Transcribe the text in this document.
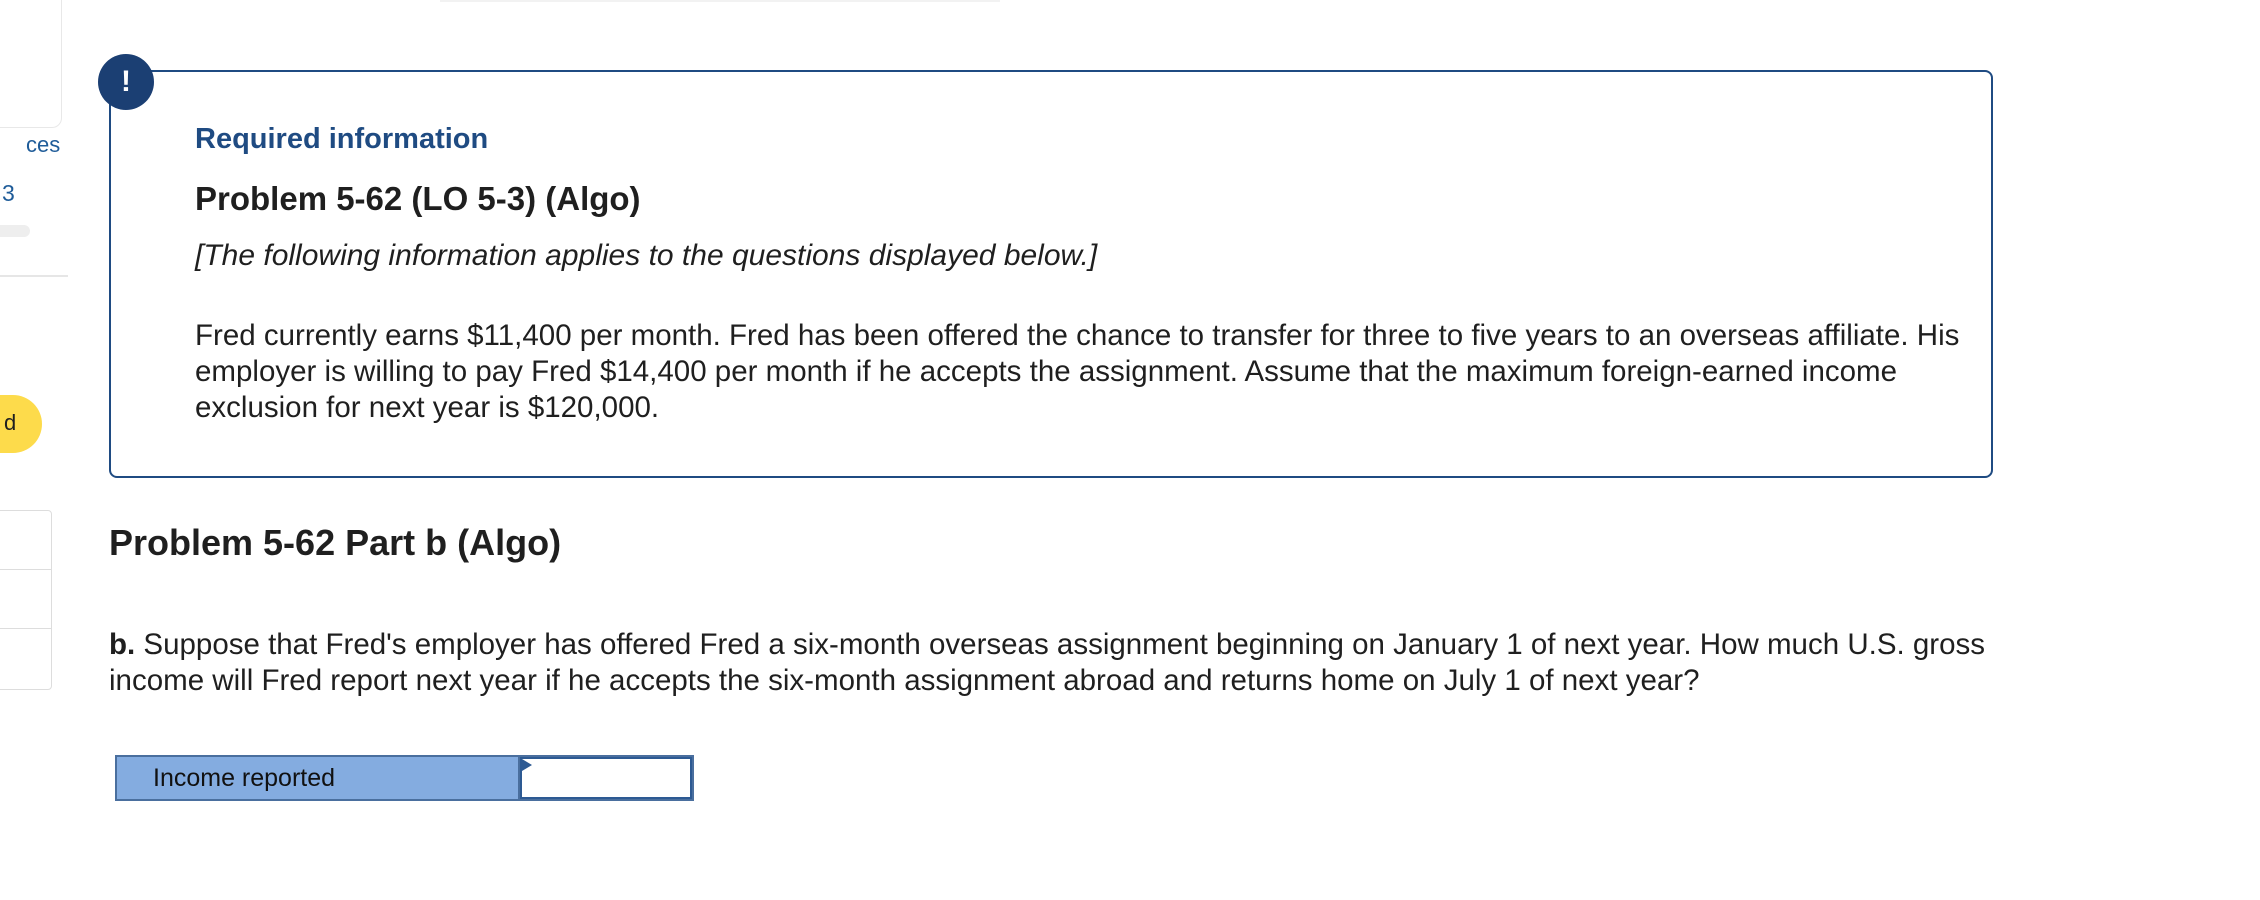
3
d
ces
!
Required information
Problem 5-62 (LO 5-3) (Algo)
[The following information applies to the questions displayed below.]
Fred currently earns $11,400 per month. Fred has been offered the chance to transfer for three to five years to an overseas affiliate. His employer is willing to pay Fred $14,400 per month if he accepts the assignment. Assume that the maximum foreign-earned income exclusion for next year is $120,000.
Problem 5-62 Part b (Algo)
b. Suppose that Fred's employer has offered Fred a six-month overseas assignment beginning on January 1 of next year. How much U.S. gross income will Fred report next year if he accepts the six-month assignment abroad and returns home on July 1 of next year?
Income reported
